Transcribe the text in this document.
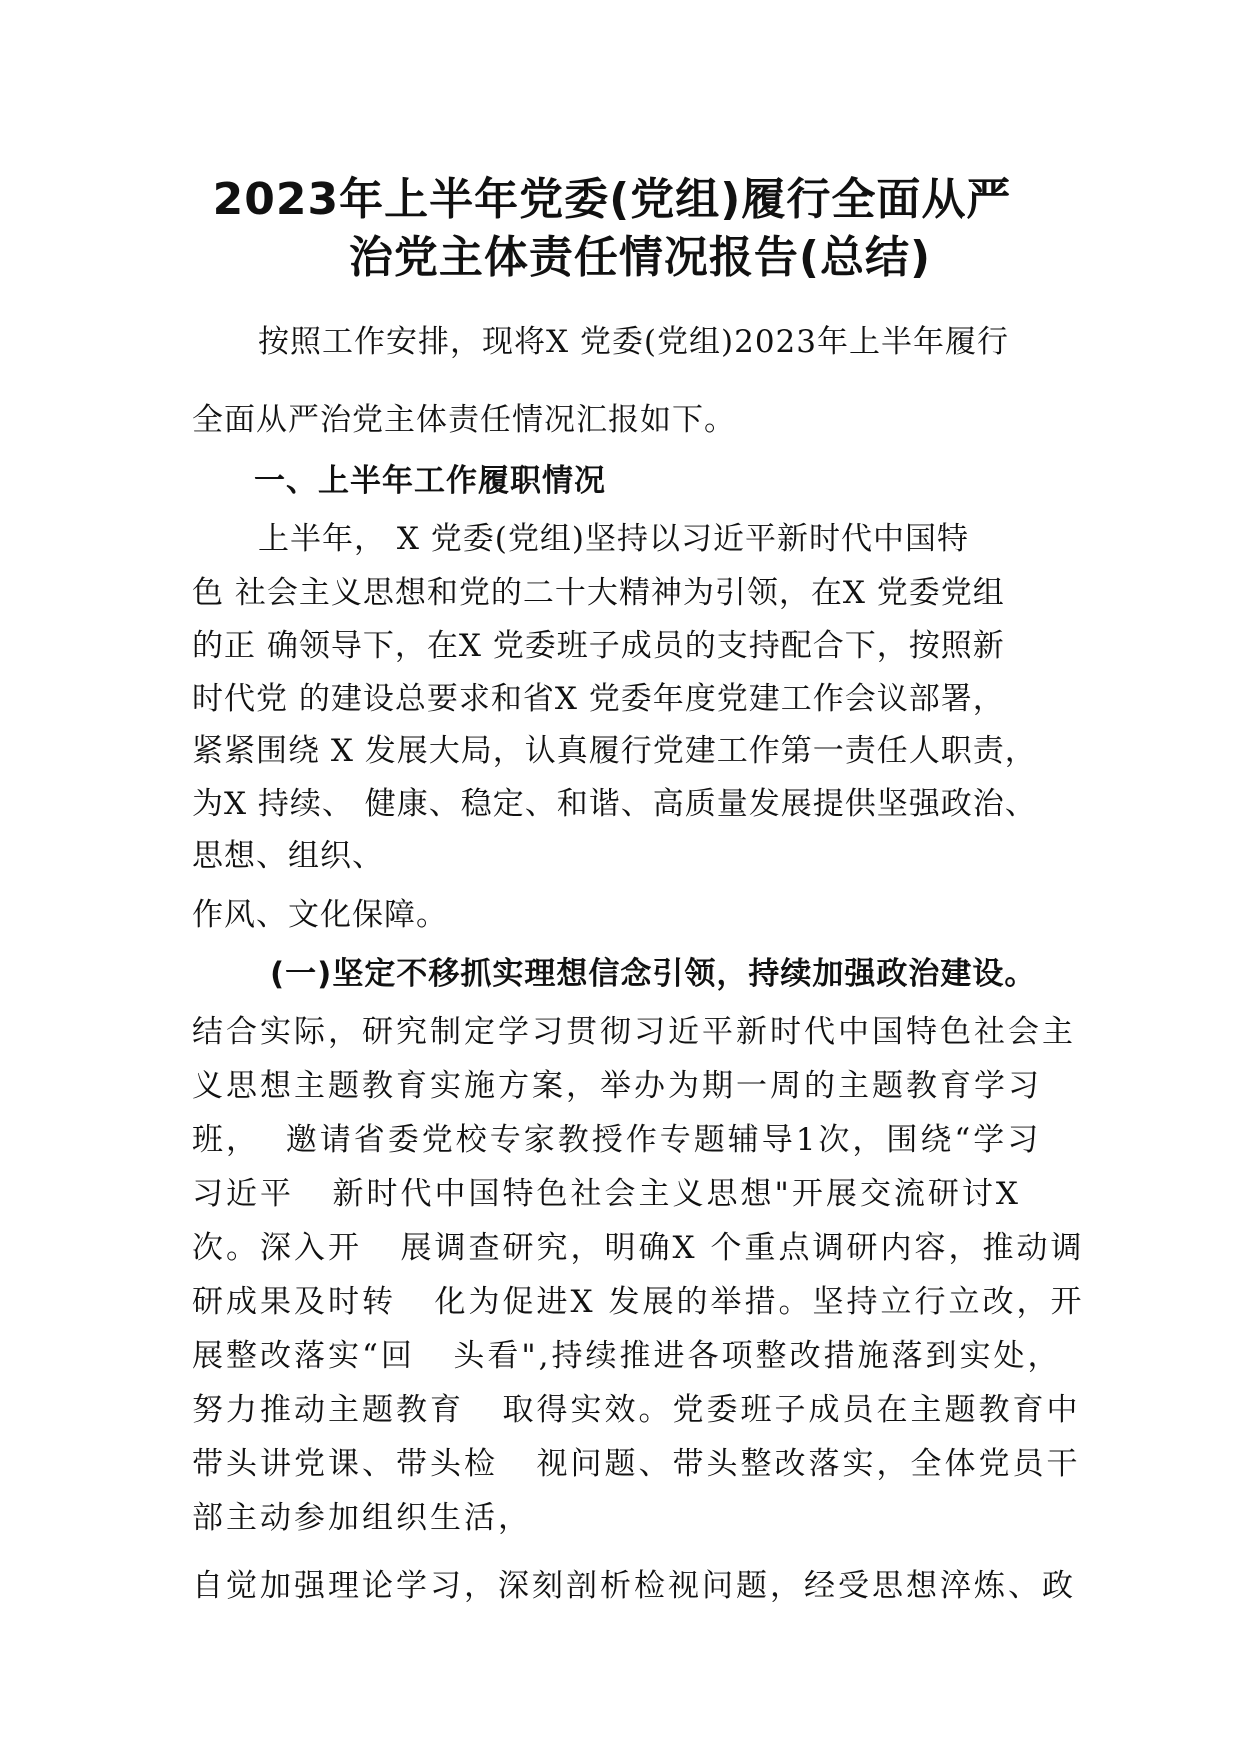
2023年上半年党委(党组)履行全面从严
治党主体责任情况报告(总结)
按照工作安排，现将X 党委(党组)2023年上半年履行
全面从严治党主体责任情况汇报如下。
一、上半年工作履职情况
上半年， X 党委(党组)坚持以习近平新时代中国特
色 社会主义思想和党的二十大精神为引领，在X 党委党组
的正 确领导下，在X 党委班子成员的支持配合下，按照新
时代党 的建设总要求和省X 党委年度党建工作会议部署，
紧紧围绕 X 发展大局，认真履行党建工作第一责任人职责，
为X 持续、 健康、稳定、和谐、高质量发展提供坚强政治、
思想、组织、
作风、文化保障。
(一)坚定不移抓实理想信念引领，持续加强政治建设。
结合实际，研究制定学习贯彻习近平新时代中国特色社会主
义思想主题教育实施方案，举办为期一周的主题教育学习
班，  邀请省委党校专家教授作专题辅导1次，围绕“学习
习近平   新时代中国特色社会主义思想"开展交流研讨X
次。深入开   展调查研究，明确X 个重点调研内容，推动调
研成果及时转   化为促进X 发展的举措。坚持立行立改，开
展整改落实“回   头看",持续推进各项整改措施落到实处，
努力推动主题教育   取得实效。党委班子成员在主题教育中
带头讲党课、带头检   视问题、带头整改落实，全体党员干
部主动参加组织生活，
自觉加强理论学习，深刻剖析检视问题，经受思想淬炼、政
